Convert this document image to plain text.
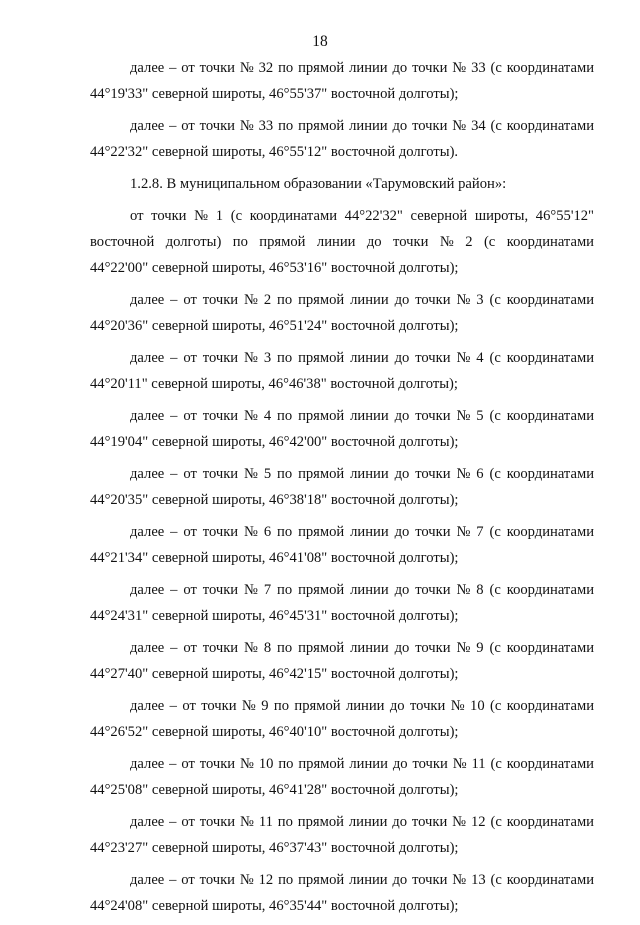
18

далее – от точки № 32 по прямой линии до точки № 33 (с координатами
44°19'33" северной широты, 46°55'37" восточной долготы);

далее – от точки № 33 по прямой линии до точки № 34 (с координатами
44°22'32" северной широты, 46°55'12" восточной долготы).

1.2.8. В муниципальном образовании «Тарумовский район»:

от точки № 1 (с координатами 44°22'32" северной широты, 46°55'12"
восточной долготы) по прямой линии до точки № 2 (с координатами
44°22'00" северной широты, 46°53'16" восточной долготы);

далее – от точки № 2 по прямой линии до точки № 3 (с координатами
44°20'36" северной широты, 46°51'24" восточной долготы);

далее – от точки № 3 по прямой линии до точки № 4 (с координатами
44°20'11" северной широты, 46°46'38" восточной долготы);

далее – от точки № 4 по прямой линии до точки № 5 (с координатами
44°19'04" северной широты, 46°42'00" восточной долготы);

далее – от точки № 5 по прямой линии до точки № 6 (с координатами
44°20'35" северной широты, 46°38'18" восточной долготы);

далее – от точки № 6 по прямой линии до точки № 7 (с координатами
44°21'34" северной широты, 46°41'08" восточной долготы);

далее – от точки № 7 по прямой линии до точки № 8 (с координатами
44°24'31" северной широты, 46°45'31" восточной долготы);

далее – от точки № 8 по прямой линии до точки № 9 (с координатами
44°27'40" северной широты, 46°42'15" восточной долготы);

далее – от точки № 9 по прямой линии до точки № 10 (с координатами
44°26'52" северной широты, 46°40'10" восточной долготы);

далее – от точки № 10 по прямой линии до точки № 11 (с координатами
44°25'08" северной широты, 46°41'28" восточной долготы);

далее – от точки № 11 по прямой линии до точки № 12 (с координатами
44°23'27" северной широты, 46°37'43" восточной долготы);

далее – от точки № 12 по прямой линии до точки № 13 (с координатами
44°24'08" северной широты, 46°35'44" восточной долготы);
